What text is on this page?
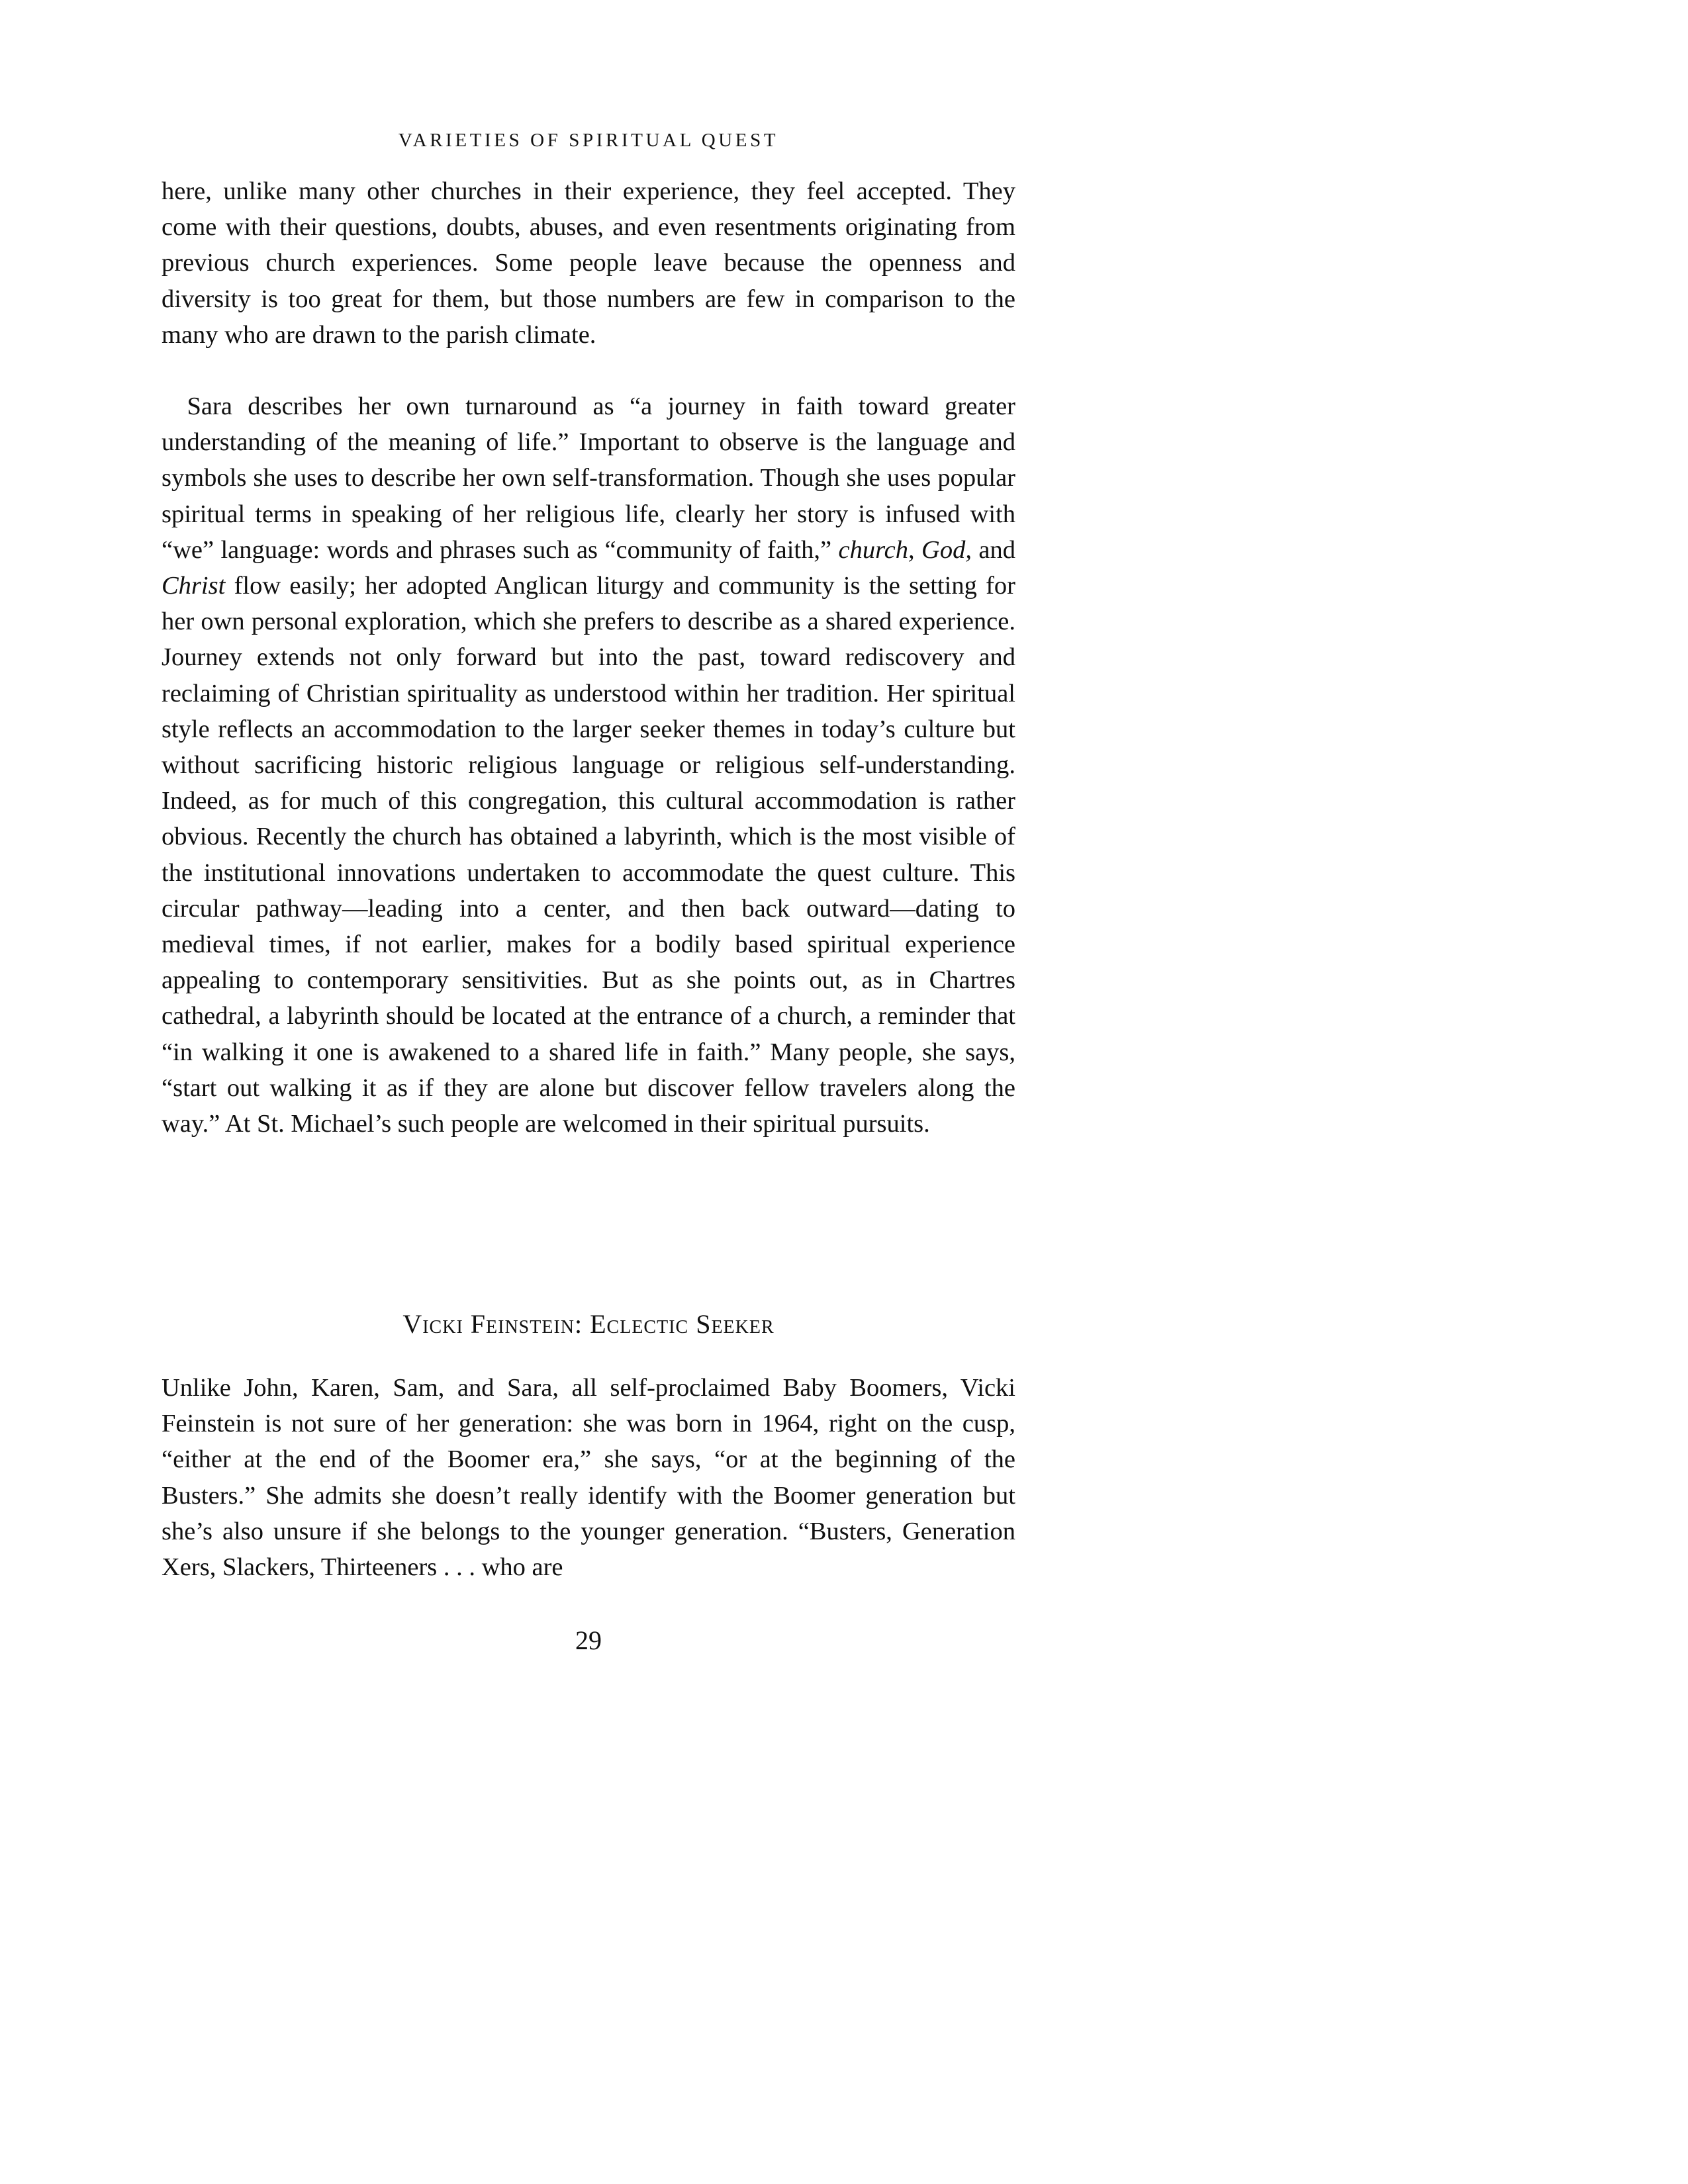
VARIETIES OF SPIRITUAL QUEST

here, unlike many other churches in their experience, they feel accepted. They come with their questions, doubts, abuses, and even resentments originating from previous church experiences. Some people leave because the openness and diversity is too great for them, but those numbers are few in comparison to the many who are drawn to the parish climate.

 Sara describes her own turnaround as “a journey in faith toward greater understanding of the meaning of life.” Important to observe is the language and symbols she uses to describe her own self-transformation. Though she uses popular spiritual terms in speaking of her religious life, clearly her story is infused with “we” language: words and phrases such as “community of faith,” church, God, and Christ flow easily; her adopted Anglican liturgy and community is the setting for her own personal exploration, which she prefers to describe as a shared experience. Journey extends not only forward but into the past, toward rediscovery and reclaiming of Christian spirituality as understood within her tradition. Her spiritual style reflects an accommodation to the larger seeker themes in today’s culture but without sacrificing historic religious language or religious self-understanding. Indeed, as for much of this congregation, this cultural accommodation is rather obvious. Recently the church has obtained a labyrinth, which is the most visible of the institutional innovations undertaken to accommodate the quest culture. This circular pathway—leading into a center, and then back outward—dating to medieval times, if not earlier, makes for a bodily based spiritual experience appealing to contemporary sensitivities. But as she points out, as in Chartres cathedral, a labyrinth should be located at the entrance of a church, a reminder that “in walking it one is awakened to a shared life in faith.” Many people, she says, “start out walking it as if they are alone but discover fellow travelers along the way.” At St. Michael’s such people are welcomed in their spiritual pursuits.

Vicki Feinstein: Eclectic Seeker

Unlike John, Karen, Sam, and Sara, all self-proclaimed Baby Boomers, Vicki Feinstein is not sure of her generation: she was born in 1964, right on the cusp, “either at the end of the Boomer era,” she says, “or at the beginning of the Busters.” She admits she doesn’t really identify with the Boomer generation but she’s also unsure if she belongs to the younger generation. “Busters, Generation Xers, Slackers, Thirteeners . . . who are

29
